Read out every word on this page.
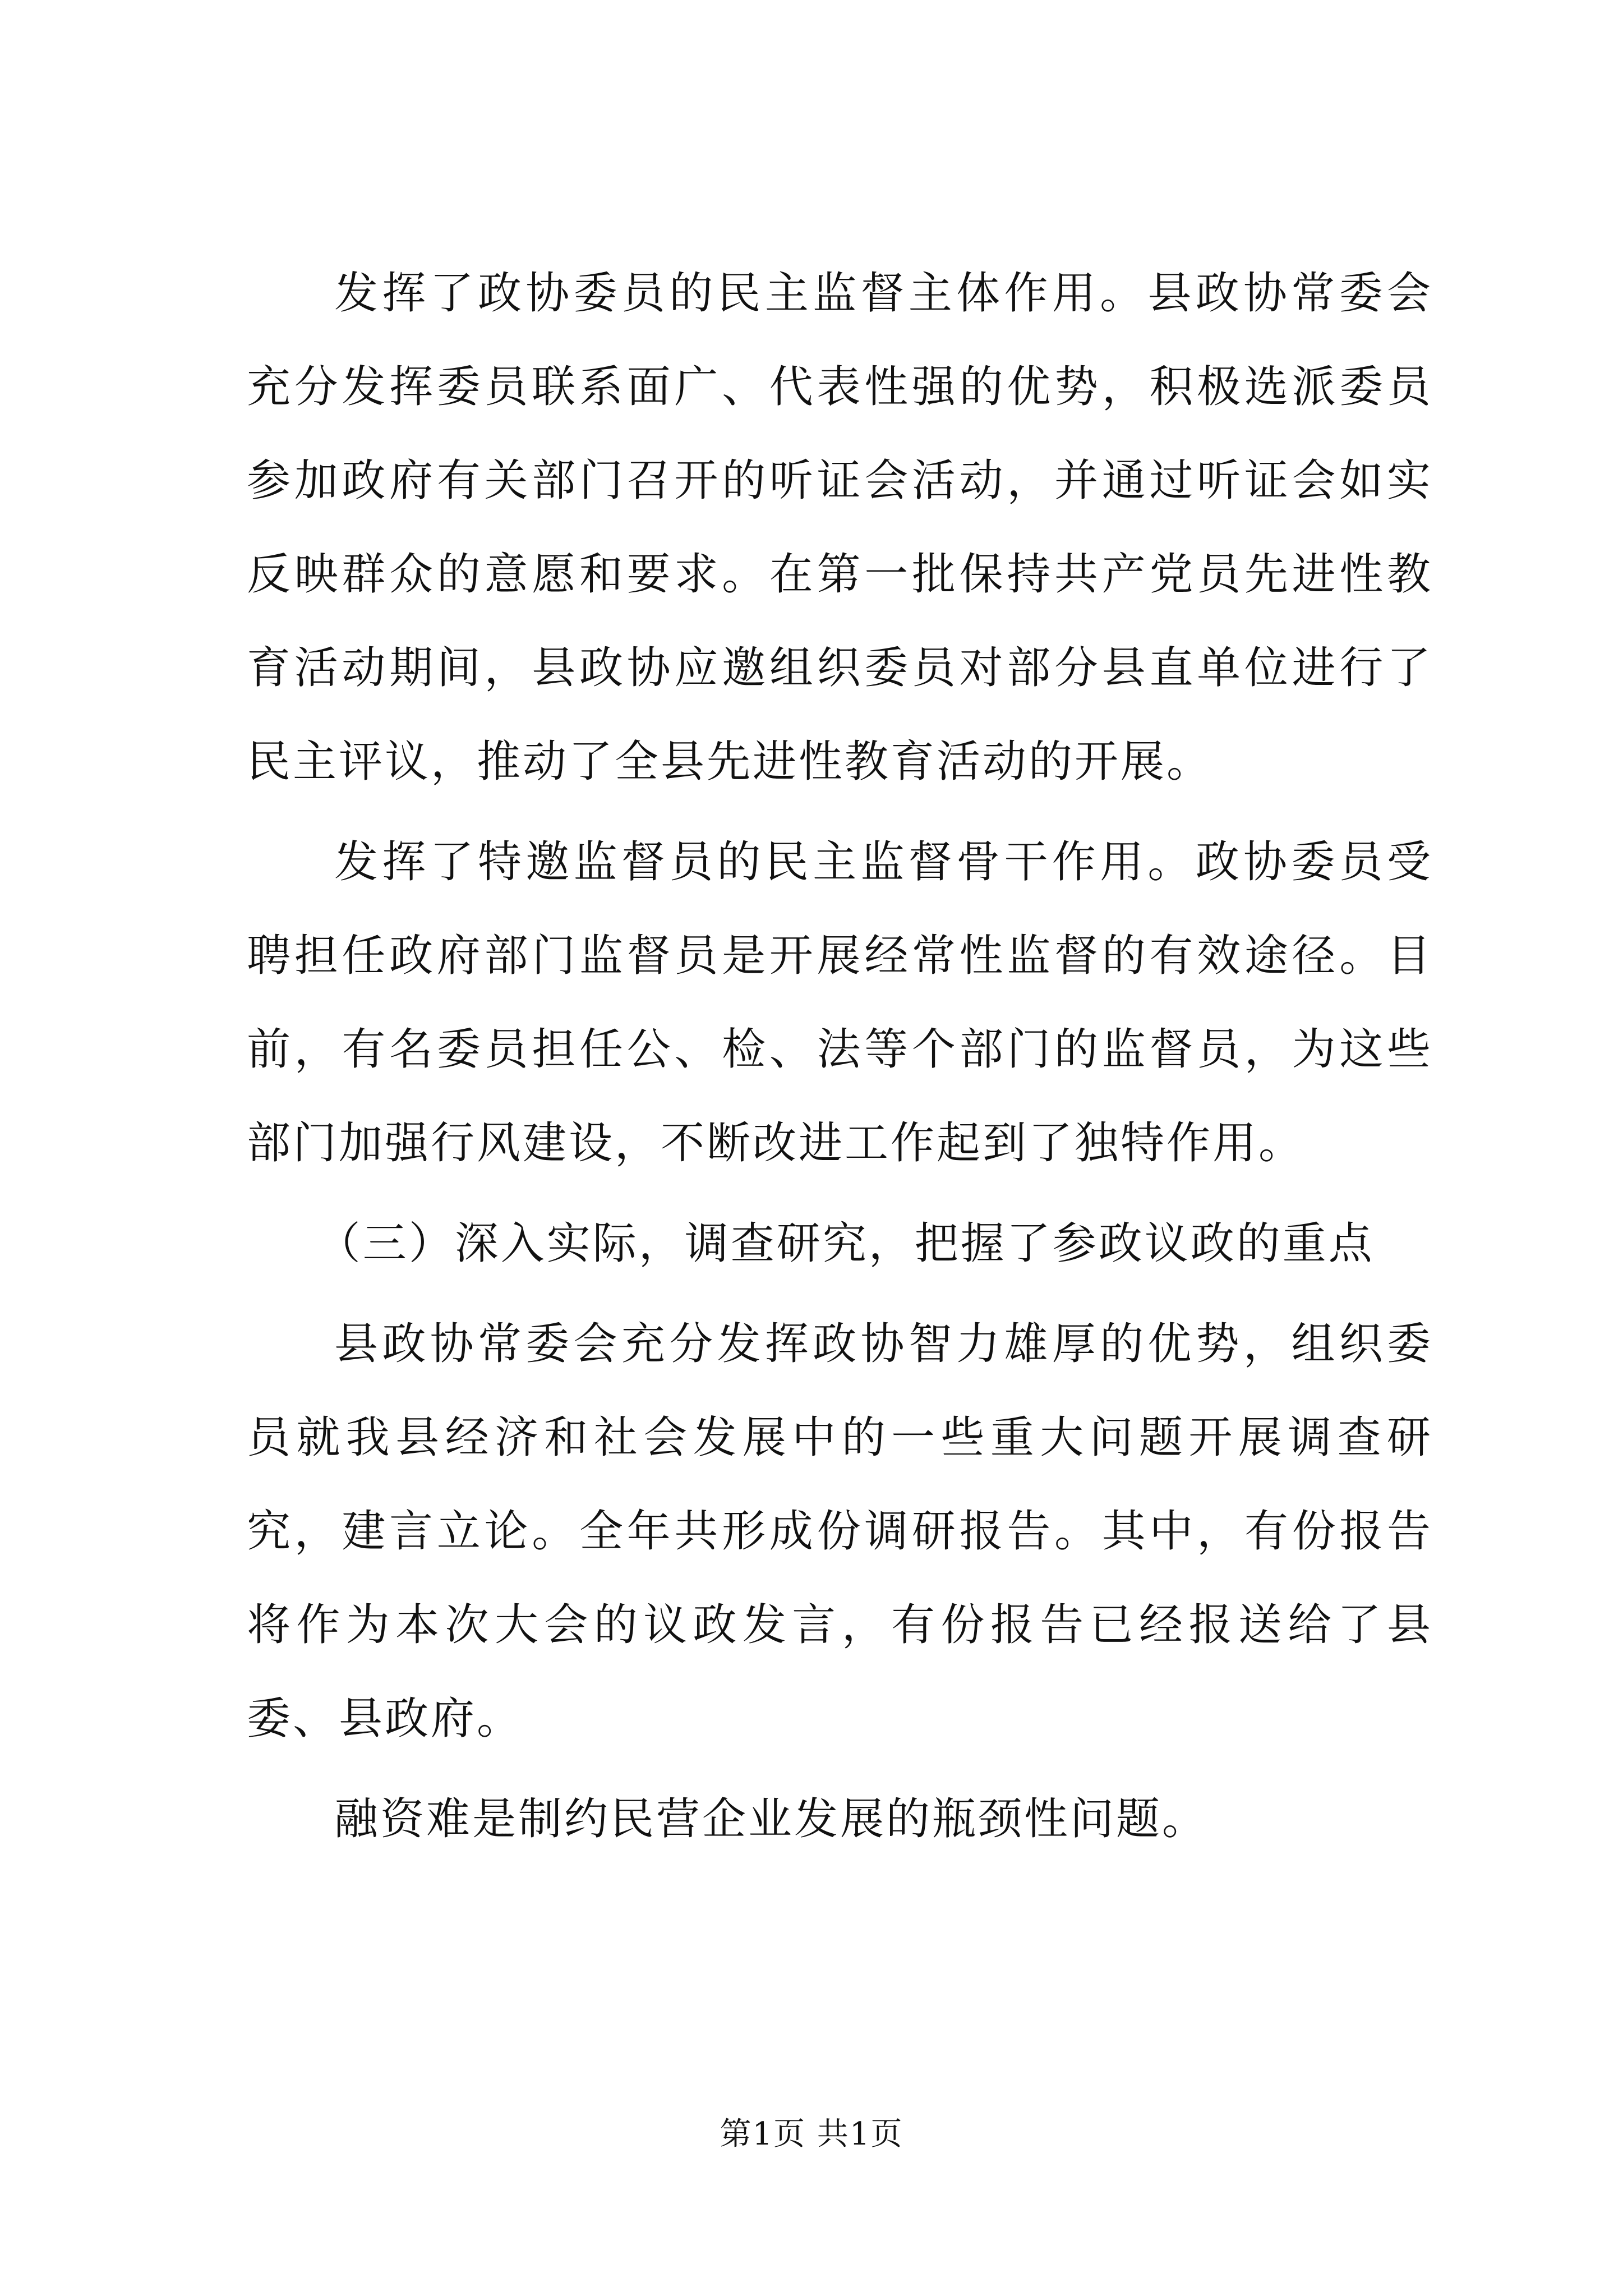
发挥了政协委员的民主监督主体作用。县政协常委会充分发挥委员联系面广、代表性强的优势，积极选派委员参加政府有关部门召开的听证会活动，并通过听证会如实反映群众的意愿和要求。在第一批保持共产党员先进性教育活动期间，县政协应邀组织委员对部分县直单位进行了民主评议，推动了全县先进性教育活动的开展。

发挥了特邀监督员的民主监督骨干作用。政协委员受聘担任政府部门监督员是开展经常性监督的有效途径。目前，有名委员担任公、检、法等个部门的监督员，为这些部门加强行风建设，不断改进工作起到了独特作用。

（三）深入实际，调查研究，把握了参政议政的重点

县政协常委会充分发挥政协智力雄厚的优势，组织委员就我县经济和社会发展中的一些重大问题开展调查研究，建言立论。全年共形成份调研报告。其中，有份报告将作为本次大会的议政发言，有份报告已经报送给了县委、县政府。

融资难是制约民营企业发展的瓶颈性问题。

第1页 共1页
